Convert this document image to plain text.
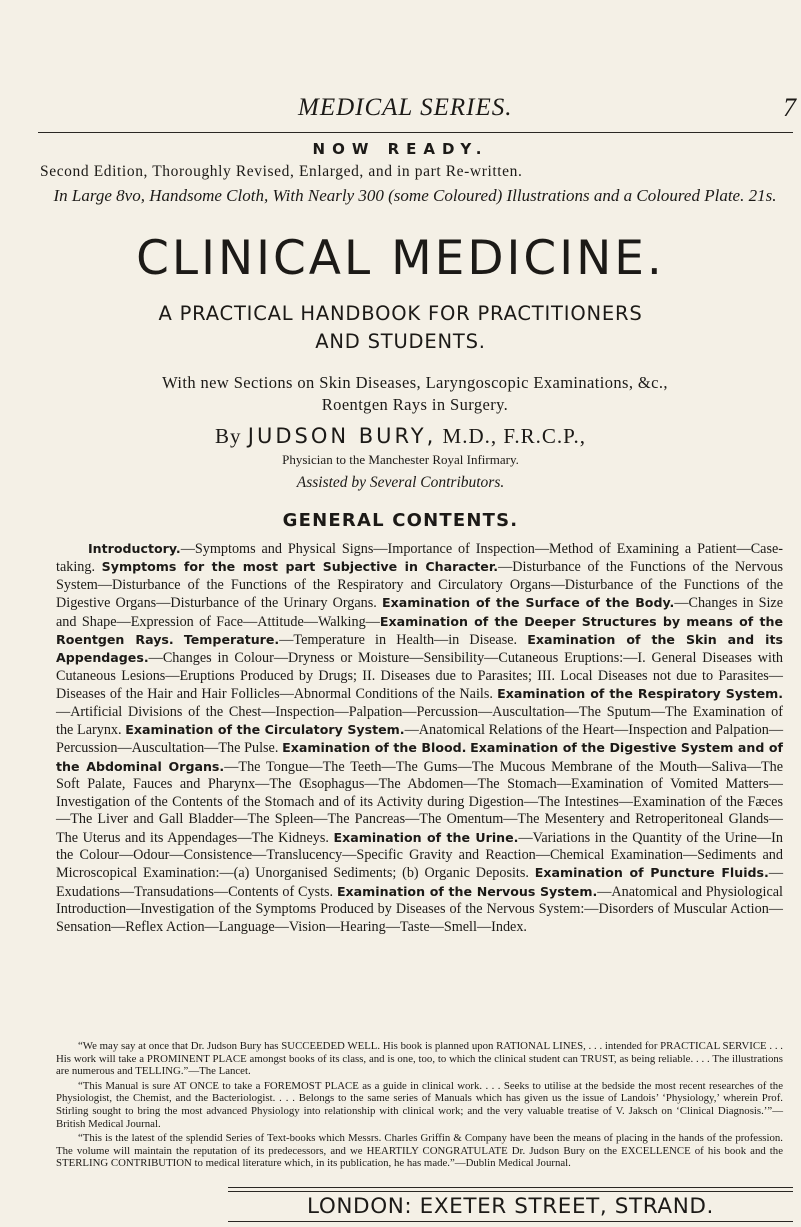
MEDICAL SERIES.	7
NOW READY.
Second Edition, Thoroughly Revised, Enlarged, and in part Re-written.
In Large 8vo, Handsome Cloth, With Nearly 300 (some Coloured) Illustrations and a Coloured Plate. 21s.
CLINICAL MEDICINE.
A PRACTICAL HANDBOOK FOR PRACTITIONERS
AND STUDENTS.
With new Sections on Skin Diseases, Laryngoscopic Examinations, &c.,
Roentgen Rays in Surgery.
By JUDSON BURY, M.D., F.R.C.P.,
Physician to the Manchester Royal Infirmary.
Assisted by Several Contributors.
GENERAL CONTENTS.

Introductory.—Symptoms and Physical Signs—Importance of Inspection—Method of Examining a Patient—Case-taking. Symptoms for the most part Subjective in Character.—Disturbance of the Functions of the Nervous System—Disturbance of the Functions of the Respiratory and Circulatory Organs—Disturbance of the Functions of the Digestive Organs—Disturbance of the Urinary Organs. Examination of the Surface of the Body.—Changes in Size and Shape—Expression of Face—Attitude—Walking—Examination of the Deeper Structures by means of the Roentgen Rays. Temperature.—Temperature in Health—in Disease. Examination of the Skin and its Appendages.—Changes in Colour—Dryness or Moisture—Sensibility—Cutaneous Eruptions:—I. General Diseases with Cutaneous Lesions—Eruptions Produced by Drugs; II. Diseases due to Parasites; III. Local Diseases not due to Parasites—Diseases of the Hair and Hair Follicles—Abnormal Conditions of the Nails. Examination of the Respiratory System.—Artificial Divisions of the Chest—Inspection—Palpation—Percussion—Auscultation—The Sputum—The Examination of the Larynx. Examination of the Circulatory System.—Anatomical Relations of the Heart—Inspection and Palpation—Percussion—Auscultation—The Pulse. Examination of the Blood. Examination of the Digestive System and of the Abdominal Organs.—The Tongue—The Teeth—The Gums—The Mucous Membrane of the Mouth—Saliva—The Soft Palate, Fauces and Pharynx—The Œsophagus—The Abdomen—The Stomach—Examination of Vomited Matters—Investigation of the Contents of the Stomach and of its Activity during Digestion—The Intestines—Examination of the Fæces—The Liver and Gall Bladder—The Spleen—The Pancreas—The Omentum—The Mesentery and Retroperitoneal Glands—The Uterus and its Appendages—The Kidneys. Examination of the Urine.—Variations in the Quantity of the Urine—In the Colour—Odour—Consistence—Translucency—Specific Gravity and Reaction—Chemical Examination—Sediments and Microscopical Examination:—(a) Unorganised Sediments; (b) Organic Deposits. Examination of Puncture Fluids.—Exudations—Transudations—Contents of Cysts. Examination of the Nervous System.—Anatomical and Physiological Introduction—Investigation of the Symptoms Produced by Diseases of the Nervous System:—Disorders of Muscular Action—Sensation—Reflex Action—Language—Vision—Hearing—Taste—Smell—Index.

“We may say at once that Dr. Judson Bury has SUCCEEDED WELL. His book is planned upon RATIONAL LINES, . . . intended for PRACTICAL SERVICE . . . His work will take a PROMINENT PLACE amongst books of its class, and is one, too, to which the clinical student can TRUST, as being reliable. . . . The illustrations are numerous and TELLING.”—The Lancet.

“This Manual is sure AT ONCE to take a FOREMOST PLACE as a guide in clinical work. . . . Seeks to utilise at the bedside the most recent researches of the Physiologist, the Chemist, and the Bacteriologist. . . . Belongs to the same series of Manuals which has given us the issue of Landois’ ‘Physiology,’ wherein Prof. Stirling sought to bring the most advanced Physiology into relationship with clinical work; and the very valuable treatise of V. Jaksch on ‘Clinical Diagnosis.’”—British Medical Journal.

“This is the latest of the splendid Series of Text-books which Messrs. Charles Griffin & Company have been the means of placing in the hands of the profession. The volume will maintain the reputation of its predecessors, and we HEARTILY CONGRATULATE Dr. Judson Bury on the EXCELLENCE of his book and the STERLING CONTRIBUTION to medical literature which, in its publication, he has made.”—Dublin Medical Journal.

LONDON: EXETER STREET, STRAND.
